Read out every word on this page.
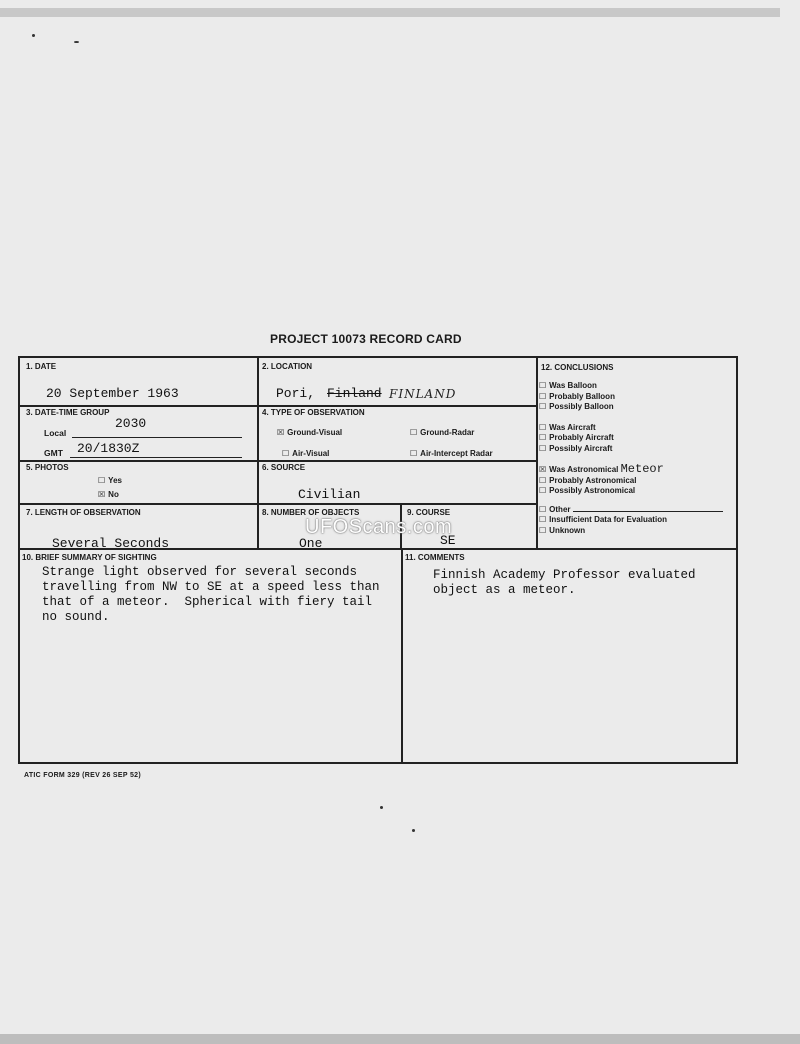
PROJECT 10073 RECORD CARD
1. DATE
20 September 1963
2. LOCATION
Pori, Finland FINLAND
3. DATE-TIME GROUP
Local
2030
GMT 20/1830Z
4. TYPE OF OBSERVATION
☒ Ground-Visual	☐ Ground-Radar
☐ Air-Visual	☐ Air-Intercept Radar
5. PHOTOS
☐ Yes
☒ No
6. SOURCE
Civilian
7. LENGTH OF OBSERVATION
Several Seconds
8. NUMBER OF OBJECTS
One
9. COURSE
SE
12. CONCLUSIONS
☐ Was Balloon
☐ Probably Balloon
☐ Possibly Balloon
☐ Was Aircraft
☐ Probably Aircraft
☐ Possibly Aircraft
☒ Was Astronomical Meteor
☐ Probably Astronomical
☐ Possibly Astronomical
☐ Other
☐ Insufficient Data for Evaluation
☐ Unknown
10. BRIEF SUMMARY OF SIGHTING
Strange light observed for several seconds
travelling from NW to SE at a speed less than
that of a meteor.  Spherical with fiery tail
no sound.
11. COMMENTS
Finnish Academy Professor evaluated
object as a meteor.
UFOScans.com
ATIC FORM 329 (REV 26 SEP 52)
